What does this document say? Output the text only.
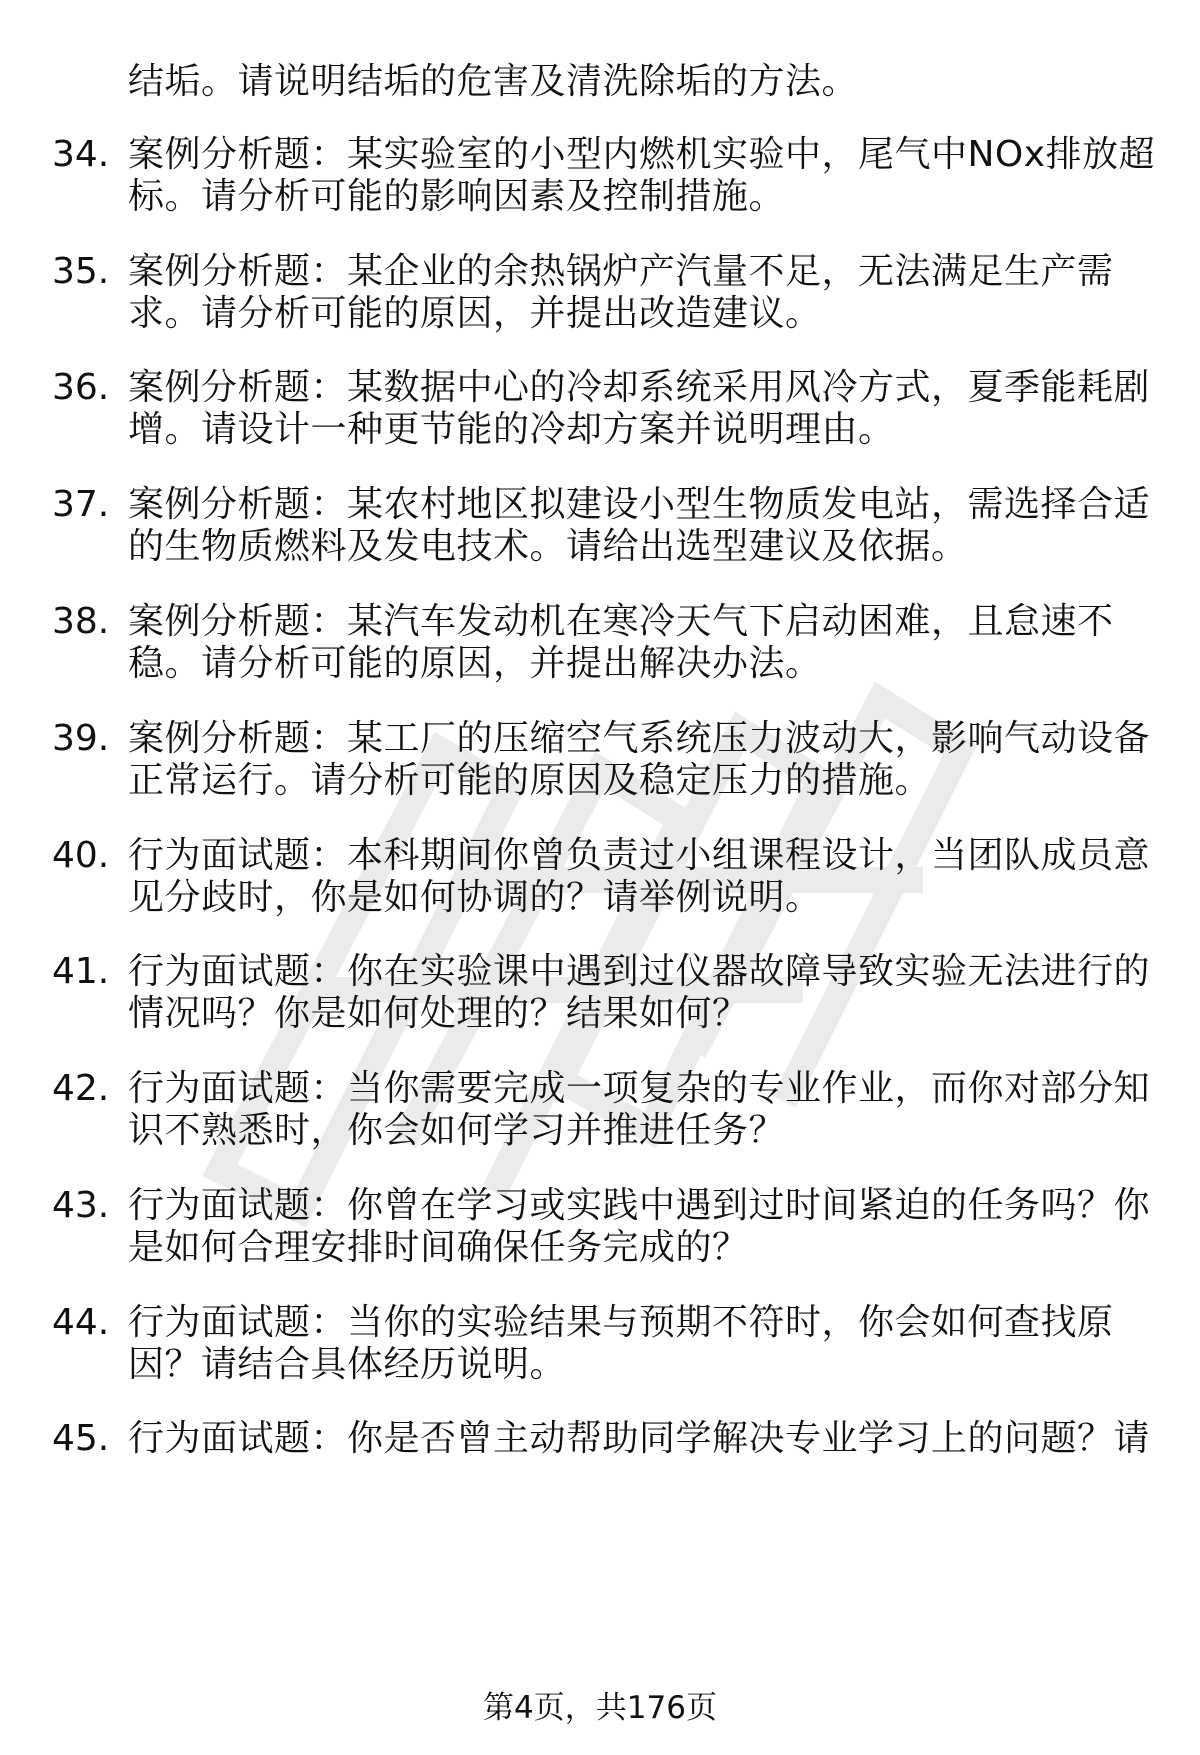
结垢。请说明结垢的危害及清洗除垢的方法。
34. 案例分析题：某实验室的小型内燃机实验中，尾气中NOx排放超
标。请分析可能的影响因素及控制措施。
35. 案例分析题：某企业的余热锅炉产汽量不足，无法满足生产需
求。请分析可能的原因，并提出改造建议。
36. 案例分析题：某数据中心的冷却系统采用风冷方式，夏季能耗剧
增。请设计一种更节能的冷却方案并说明理由。
37. 案例分析题：某农村地区拟建设小型生物质发电站，需选择合适
的生物质燃料及发电技术。请给出选型建议及依据。
38. 案例分析题：某汽车发动机在寒冷天气下启动困难，且怠速不
稳。请分析可能的原因，并提出解决办法。
39. 案例分析题：某工厂的压缩空气系统压力波动大，影响气动设备
正常运行。请分析可能的原因及稳定压力的措施。
40. 行为面试题：本科期间你曾负责过小组课程设计，当团队成员意
见分歧时，你是如何协调的？请举例说明。
41. 行为面试题：你在实验课中遇到过仪器故障导致实验无法进行的
情况吗？你是如何处理的？结果如何？
42. 行为面试题：当你需要完成一项复杂的专业作业，而你对部分知
识不熟悉时，你会如何学习并推进任务？
43. 行为面试题：你曾在学习或实践中遇到过时间紧迫的任务吗？你
是如何合理安排时间确保任务完成的？
44. 行为面试题：当你的实验结果与预期不符时，你会如何查找原
因？请结合具体经历说明。
45. 行为面试题：你是否曾主动帮助同学解决专业学习上的问题？请
第4页，共176页
